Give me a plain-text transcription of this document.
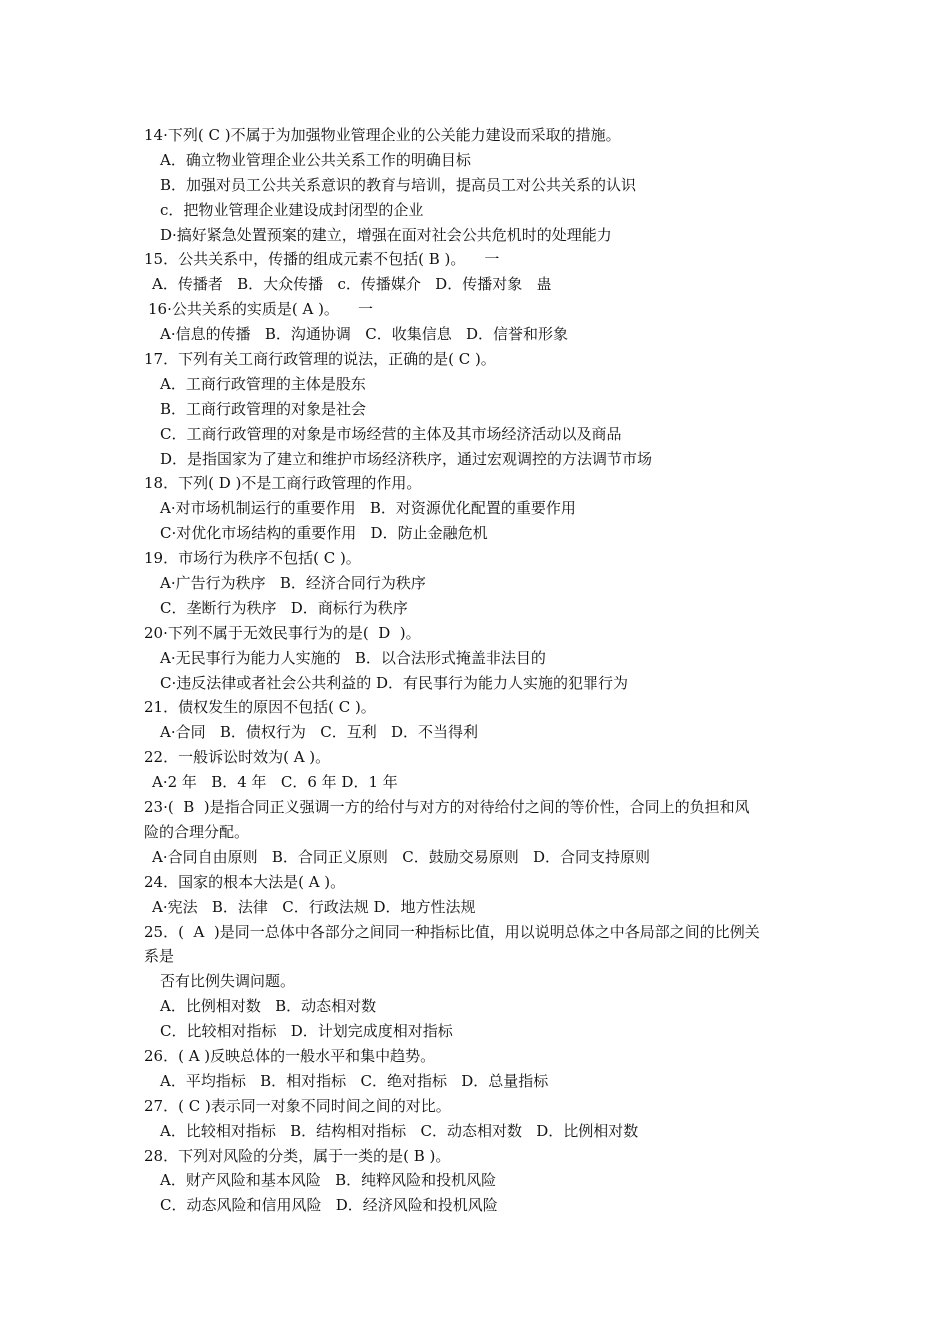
14·下列( C )不属于为加强物业管理企业的公关能力建设而采取的措施。
A．确立物业管理企业公共关系工作的明确目标
B．加强对员工公共关系意识的教育与培训，提高员工对公共关系的认识
c．把物业管理企业建设成封闭型的企业
D·搞好紧急处置预案的建立，增强在面对社会公共危机时的处理能力
15．公共关系中，传播的组成元素不包括( B )。    一
A．传播者   B．大众传播   c．传播媒介   D．传播对象   蛊
16·公共关系的实质是( A )。    一
A·信息的传播   B．沟通协调   C．收集信息   D．信誉和形象
17．下列有关工商行政管理的说法，正确的是( C )。
A．工商行政管理的主体是股东
B．工商行政管理的对象是社会
C．工商行政管理的对象是市场经营的主体及其市场经济活动以及商品
D．是指国家为了建立和维护市场经济秩序，通过宏观调控的方法调节市场
18．下列( D )不是工商行政管理的作用。
A·对市场机制运行的重要作用   B．对资源优化配置的重要作用
C·对优化市场结构的重要作用   D．防止金融危机
19．市场行为秩序不包括( C )。
A·广告行为秩序   B．经济合同行为秩序
C．垄断行为秩序   D．商标行为秩序
20·下列不属于无效民事行为的是(  D  )。
A·无民事行为能力人实施的   B．以合法形式掩盖非法目的
C·违反法律或者社会公共利益的 D．有民事行为能力人实施的犯罪行为
21．债权发生的原因不包括( C )。
A·合同   B．债权行为   C．互利   D．不当得利
22．一般诉讼时效为( A )。
A·2 年   B．4 年   C．6 年 D．1 年
23·(  B  )是指合同正义强调一方的给付与对方的对待给付之间的等价性，合同上的负担和风
险的合理分配。
A·合同自由原则   B．合同正义原则   C．鼓励交易原则   D．合同支持原则
24．国家的根本大法是( A )。
A·宪法   B．法律   C．行政法规 D．地方性法规
25．(  A  )是同一总体中各部分之间同一种指标比值，用以说明总体之中各局部之间的比例关
系是
否有比例失调问题。
A．比例相对数   B．动态相对数
C．比较相对指标   D．计划完成度相对指标
26．( A )反映总体的一般水平和集中趋势。
A．平均指标   B．相对指标   C．绝对指标   D．总量指标
27．( C )表示同一对象不同时间之间的对比。
A．比较相对指标   B．结构相对指标   C．动态相对数   D．比例相对数
28．下列对风险的分类，属于一类的是( B )。
A．财产风险和基本风险   B．纯粹风险和投机风险
C．动态风险和信用风险   D．经济风险和投机风险
